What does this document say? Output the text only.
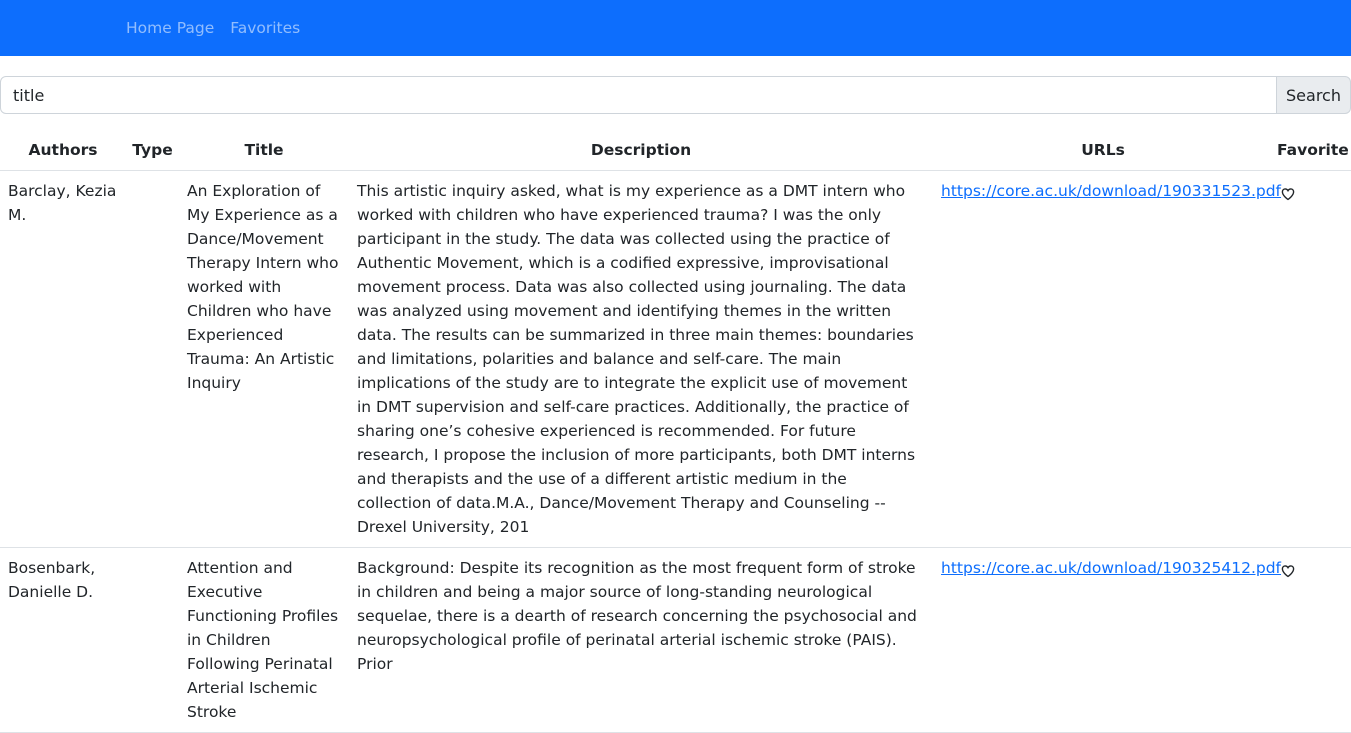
Home Page Favorites
title
Search
Authors	Type	Title	Description	URLs	Favorite
Barclay, Kezia M.		An Exploration of My Experience as a Dance/Movement Therapy Intern who worked with Children who have Experienced Trauma: An Artistic Inquiry	This artistic inquiry asked, what is my experience as a DMT intern who worked with children who have experienced trauma? I was the only participant in the study. The data was collected using the practice of Authentic Movement, which is a codified expressive, improvisational movement process. Data was also collected using journaling. The data was analyzed using movement and identifying themes in the written data. The results can be summarized in three main themes: boundaries and limitations, polarities and balance and self-care. The main implications of the study are to integrate the explicit use of movement in DMT supervision and self-care practices. Additionally, the practice of sharing one’s cohesive experienced is recommended. For future research, I propose the inclusion of more participants, both DMT interns and therapists and the use of a different artistic medium in the collection of data.M.A., Dance/Movement Therapy and Counseling -- Drexel University, 201	https://core.ac.uk/download/190331523.pdf	
Bosenbark, Danielle D.		Attention and Executive Functioning Profiles in Children Following Perinatal Arterial Ischemic Stroke	Background: Despite its recognition as the most frequent form of stroke in children and being a major source of long-standing neurological sequelae, there is a dearth of research concerning the psychosocial and neuropsychological profile of perinatal arterial ischemic stroke (PAIS). Prior	https://core.ac.uk/download/190325412.pdf	
